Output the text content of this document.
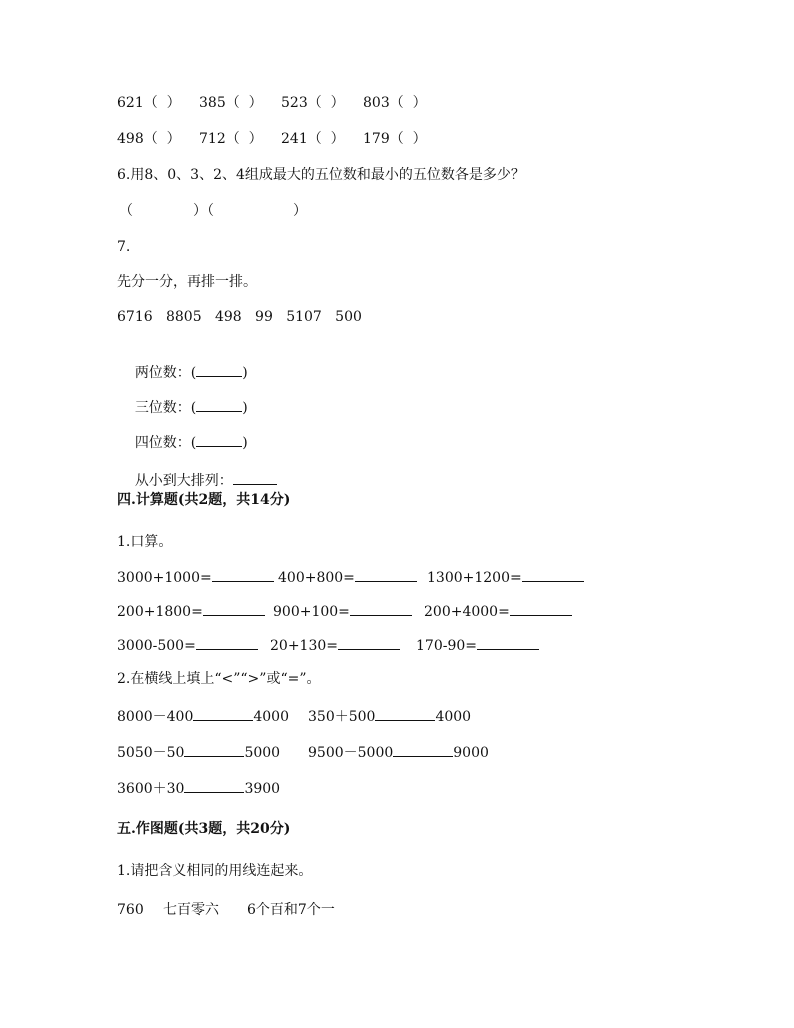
621（  ） 385（  ） 523（  ） 803（  ）
498（  ） 712（  ） 241（  ） 179（  ）
6.用8、0、3、2、4组成最大的五位数和最小的五位数各是多少？
（	）（	）
7.
先分一分，再排一排。
6716   8805   498   99   5107   500

两位数：(	)

三位数：(	)

四位数：(	)

从小到大排列：

四.计算题(共2题，共14分)
1.口算。
3000+1000=	400+800=	1300+1200=
200+1800=	900+100=	200+4000=
3000-500=	20+130=	170-90=
2.在横线上填上“<”“>”或“=”。
8000－400	4000 350＋500	4000
5050－50	5000 9500－5000	9000
3600＋30	3900
五.作图题(共3题，共20分)
1.请把含义相同的用线连起来。
760 七百零六 6个百和7个一
